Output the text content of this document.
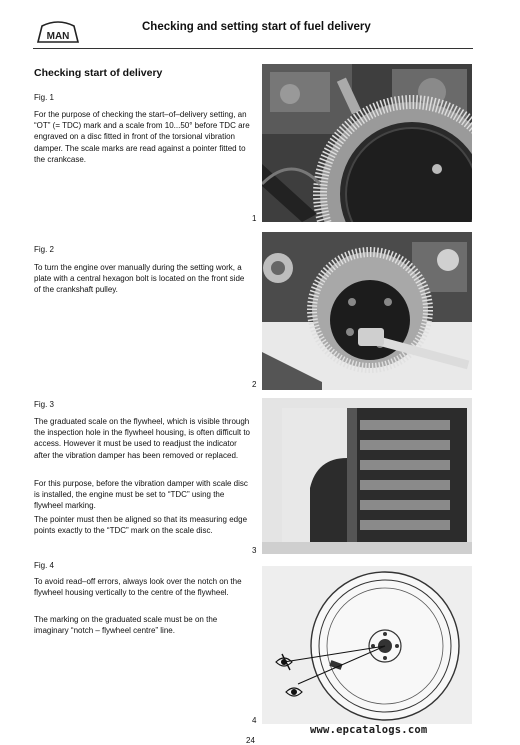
MAN
Checking and setting start of fuel delivery
Checking start of delivery
Fig. 1

For the purpose of checking the start–of–delivery setting, an “OT” (= TDC) mark and a scale from 10...50° before TDC are engraved on a disc fitted in front of the torsional vibration damper. The scale marks are read against a pointer fitted to the crankcase.

1
Fig. 2

To turn the engine over manually during the setting work, a plate with a central hexagon bolt is located on the front side of the crankshaft pulley.

2
Fig. 3

The graduated scale on the flywheel, which is visible through the inspection hole in the flywheel housing, is often difficult to access. However it must be used to readjust the indicator after the vibration damper has been removed or replaced.

For this purpose, before the vibration damper with scale disc is installed, the engine must be set to “TDC” using the flywheel marking.

The pointer must then be aligned so that its measuring edge points exactly to the “TDC” mark on the scale disc.

3
Fig. 4

To avoid read–off errors, always look over the notch on the flywheel housing vertically to the centre of the flywheel.

The marking on the graduated scale must be on the imaginary “notch – flywheel centre” line.

4
www.epcatalogs.com
24
